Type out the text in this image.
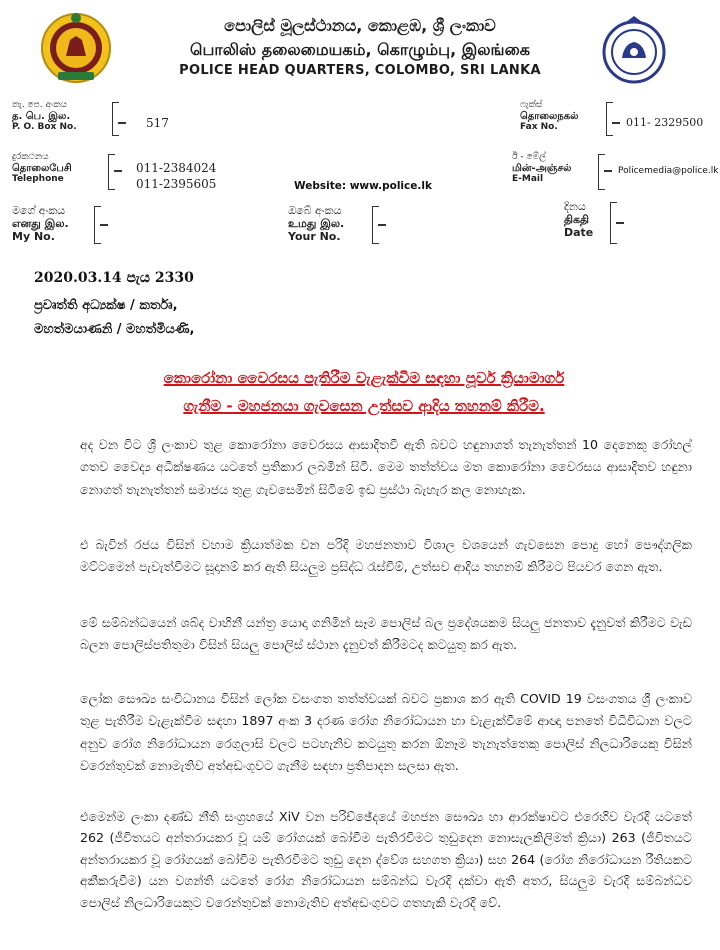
පොලිස් මූලස්ථානය, කොළඹ, ශ්‍රී ලංකාව
பொலிஸ் தலைமையகம், கொழும்பு, இலங்கை
POLICE HEAD QUARTERS, COLOMBO, SRI LANKA
තැ. පෙ. අංකය
த. பெ. இல.
P. O. Box No.	517
ෆැක්ස්
தொலைநகல்
Fax No.	011- 2329500
දුරකථනය
தொலைபேசி
Telephone
011-2384024
011-2395605	Website: www.police.lk
ඊ - මේල්
மின்-அஞ்சல்
E-Mail
Policemedia@police.lk
මගේ අංකය
எனது இல.
My No.
ඔබේ අංකය
உமது இல.
Your No.
දිනය
திகதி
Date
2020.03.14 පැය 2330
ප්‍රවෘත්ති අධ්‍යක්ෂ / කර්තෘ,
මහත්මයාණනි / මහත්මියණි,
කොරෝනා වෛරසය පැතිරීම වැළැක්වීම සඳහා පූර්ව ක්‍රියාමාර්ග
ගැනීම - මහජනයා ගැවසෙන උත්සව ආදිය තහනම් කිරීම.
අද වන විට ශ්‍රී ලංකාව තුළ කොරෝනා වෛරසය ආසාදිතවී ඇති බවට හඳුනාගත් තැනැත්තන් 10 දෙනෙකු රෝහල් ගතව වෛද්‍ය අධීක්ෂණය යටතේ ප්‍රතිකාර ලබමින් සිටී. මෙම තත්ත්වය මත කොරෝනා වෛරසය ආසාදිතව හඳුනා නොගත් තැනැත්තන් සමාජය තුළ ගැවසෙමින් සිටීමේ ඉඩ ප්‍රස්ථා බැහැර කල නොහැක.
එ බැවින් රජය විසින් වහාම ක්‍රියාත්මක වන පරිදි මහජනතාව විශාල වශයෙන් ගැවසෙන පොදු හෝ පෞද්ගලික මට්ටමෙන් පැවැත්වීමට සූදානම් කර ඇති සියලුම ප්‍රසිද්ධ රැස්වීම්, උත්සව ආදිය තහනම් කිරීමට පියවර ගෙන ඇත.
මේ සම්බන්ධයෙන් ශබ්ද වාහිනී යන්ත්‍ර යොදා ගනිමින් සෑම පොලිස් බල ප්‍රදේශයකම සියලු ජනතාව දැනුවත් කිරීමට වැඩ බලන පොලිස්පතිතුමා විසින් සියලු පොලිස් ස්ථාන දැනුවත් කිරීමටද කටයුතු කර ඇත.
ලෝක සෞඛ්‍ය සංවිධානය විසින් ලෝක වසංගත තත්ත්වයක් බවට ප්‍රකාශ කර ඇති COVID 19 වසංගතය ශ්‍රී ලංකාව තුළ පැතිරීම වැළැක්වීම සඳහා 1897 අංක 3 දරණ රෝග නිරෝධායන හා වැළැක්වීමේ ආඥා පනතේ විධිවිධාන වලට අනුව රෝග නිරෝධායන රෙගුලාසි වලට පටහැනිව කටයුතු කරන ඕනෑම තැනැත්තෙකු පොලිස් නිලධාරියෙකු විසින් වරෙන්තුවක් නොමැතිව අත්අඩංගුවට ගැනීම සඳහා ප්‍රතිපාදන සලසා ඇත.
එමෙන්ම ලංකා දණ්ඩ නීති සංග්‍රහයේ XiV වන පරිච්ඡේදයේ මහජන සෞඛ්‍ය හා ආරක්ෂාවට එරෙහිව වැරදි යටතේ 262 (ජීවිතයට අන්තරායකර වූ යම් රෝගයක් බෝවීම පැතිරවීමට තුඩුදෙන නොසැලකිලිමත් ක්‍රියා) 263 (ජීවිතයට අන්තරායකර වූ රෝගයක් බෝවීම පැතිරවීමට තුඩු දෙන ද්වේශ සහගත ක්‍රියා) සහ 264 (රෝග නිරෝධායන රීතියකට අකීකරුවීම) යන වගන්ති යටතේ රෝග නිරෝධායන සම්බන්ධ වැරදි දක්වා ඇති අතර, සියලුම වැරදි සම්බන්ධව පොලිස් නිලධාරියෙකුට වරෙන්තුවක් නොමැතිව අත්අඩංගුවට ගතහැකි වැරදි වේ.
